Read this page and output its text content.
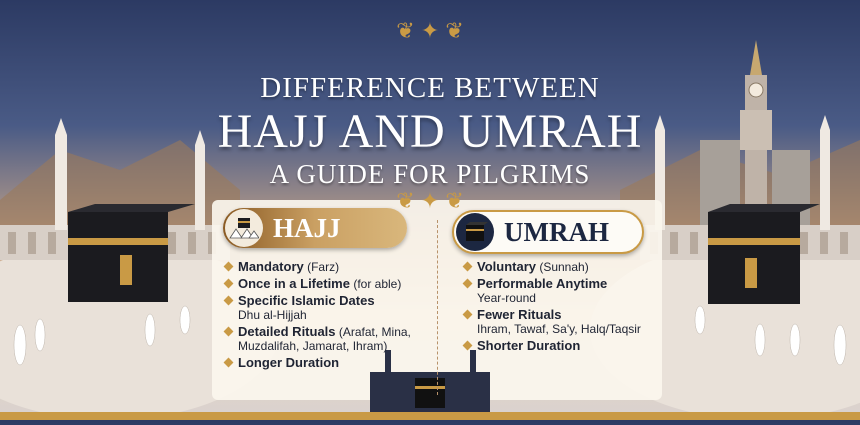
❦ ✦ ❦
DIFFERENCE BETWEEN
HAJJ AND UMRAH
A GUIDE FOR PILGRIMS
❦ ✦ ❦
HAJJ	UMRAH
Mandatory (Farz)
Once in a Lifetime (for able)
Specific Islamic Dates
Dhu al-Hijjah
Detailed Rituals (Arafat, Mina, Muzdalifah, Jamarat, Ihram)
Longer Duration
Voluntary (Sunnah)
Performable Anytime
Year-round
Fewer Rituals
Ihram, Tawaf, Sa'y, Halq/Taqsir
Shorter Duration
